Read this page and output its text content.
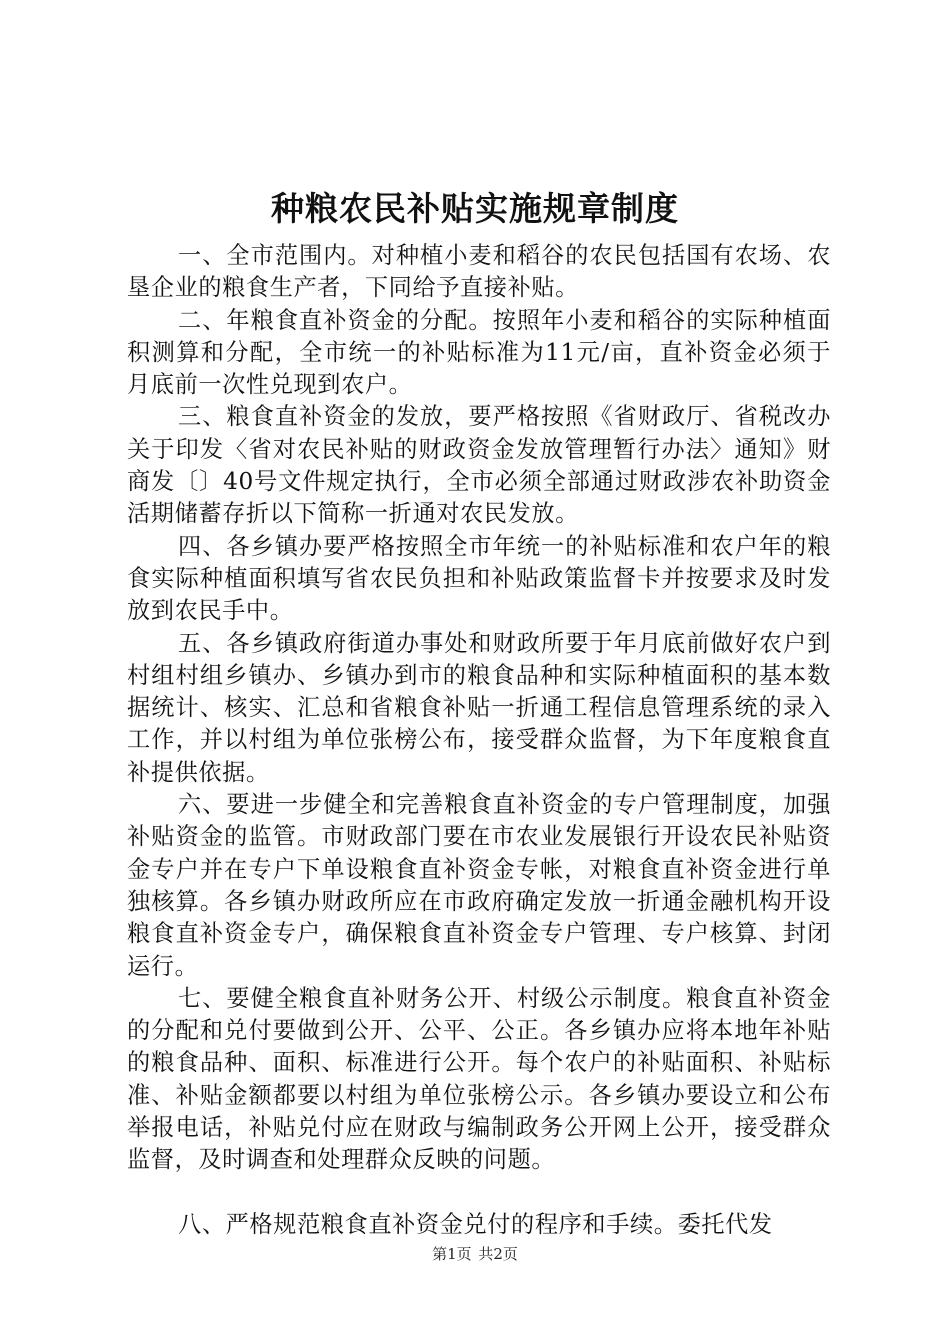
种粮农民补贴实施规章制度

一、全市范围内。对种植小麦和稻谷的农民包括国有农场、农垦企业的粮食生产者，下同给予直接补贴。

二、年粮食直补资金的分配。按照年小麦和稻谷的实际种植面积测算和分配，全市统一的补贴标准为11元/亩，直补资金必须于月底前一次性兑现到农户。

三、粮食直补资金的发放，要严格按照《省财政厅、省税改办关于印发〈省对农民补贴的财政资金发放管理暂行办法〉通知》财商发〔〕40号文件规定执行，全市必须全部通过财政涉农补助资金活期储蓄存折以下简称一折通对农民发放。

四、各乡镇办要严格按照全市年统一的补贴标准和农户年的粮食实际种植面积填写省农民负担和补贴政策监督卡并按要求及时发放到农民手中。

五、各乡镇政府街道办事处和财政所要于年月底前做好农户到村组村组乡镇办、乡镇办到市的粮食品种和实际种植面积的基本数据统计、核实、汇总和省粮食补贴一折通工程信息管理系统的录入工作，并以村组为单位张榜公布，接受群众监督，为下年度粮食直补提供依据。

六、要进一步健全和完善粮食直补资金的专户管理制度，加强补贴资金的监管。市财政部门要在市农业发展银行开设农民补贴资金专户并在专户下单设粮食直补资金专帐，对粮食直补资金进行单独核算。各乡镇办财政所应在市政府确定发放一折通金融机构开设粮食直补资金专户，确保粮食直补资金专户管理、专户核算、封闭运行。

七、要健全粮食直补财务公开、村级公示制度。粮食直补资金的分配和兑付要做到公开、公平、公正。各乡镇办应将本地年补贴的粮食品种、面积、标准进行公开。每个农户的补贴面积、补贴标准、补贴金额都要以村组为单位张榜公示。各乡镇办要设立和公布举报电话，补贴兑付应在财政与编制政务公开网上公开，接受群众监督，及时调查和处理群众反映的问题。

八、严格规范粮食直补资金兑付的程序和手续。委托代发

第1页 共2页
